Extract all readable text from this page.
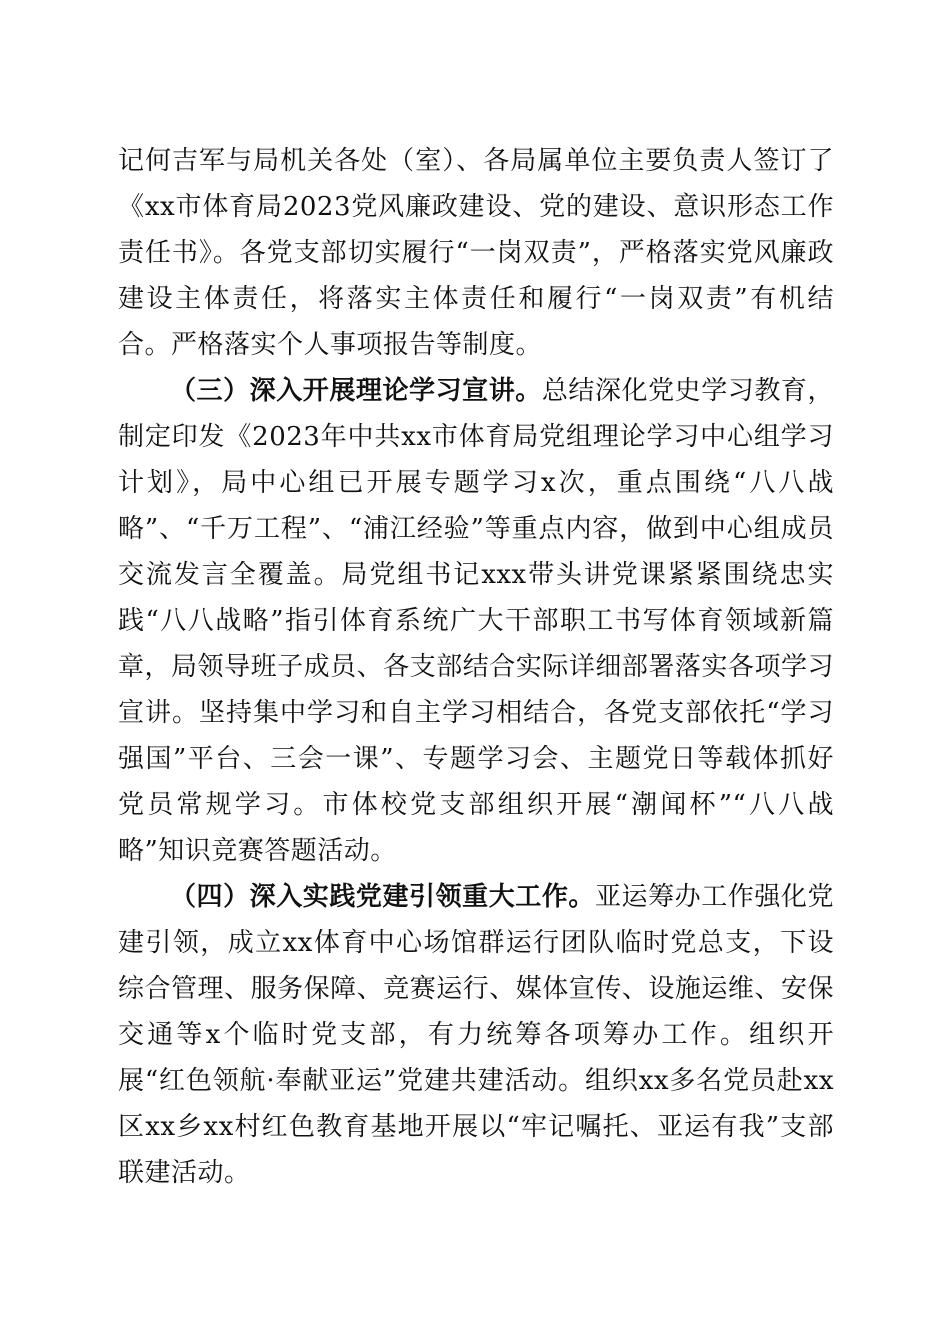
记何吉军与局机关各处（室）、各局属单位主要负责人签订了《xx市体育局2023党风廉政建设、党的建设、意识形态工作责任书》。各党支部切实履行“一岗双责”，严格落实党风廉政建设主体责任，将落实主体责任和履行“一岗双责”有机结合。严格落实个人事项报告等制度。

（三）深入开展理论学习宣讲。总结深化党史学习教育，制定印发《2023年中共xx市体育局党组理论学习中心组学习计划》，局中心组已开展专题学习x次，重点围绕“八八战略”、“千万工程”、“浦江经验”等重点内容，做到中心组成员交流发言全覆盖。局党组书记xxx带头讲党课紧紧围绕忠实践“八八战略”指引体育系统广大干部职工书写体育领域新篇章，局领导班子成员、各支部结合实际详细部署落实各项学习宣讲。坚持集中学习和自主学习相结合，各党支部依托“学习强国”平台、三会一课”、专题学习会、主题党日等载体抓好党员常规学习。市体校党支部组织开展“潮闻杯”“八八战略”知识竞赛答题活动。

（四）深入实践党建引领重大工作。亚运筹办工作强化党建引领，成立xx体育中心场馆群运行团队临时党总支，下设综合管理、服务保障、竞赛运行、媒体宣传、设施运维、安保交通等x个临时党支部，有力统筹各项筹办工作。组织开展“红色领航·奉献亚运”党建共建活动。组织xx多名党员赴xx区xx乡xx村红色教育基地开展以“牢记嘱托、亚运有我”支部联建活动。
